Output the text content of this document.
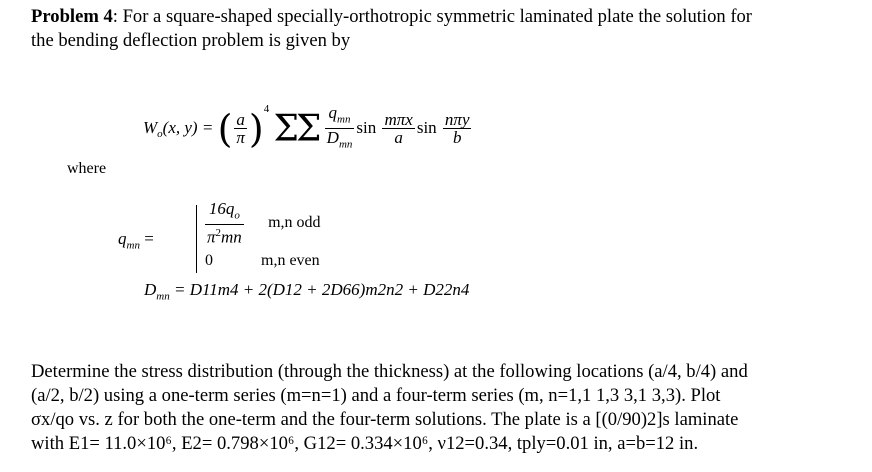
Problem 4: For a square-shaped specially-orthotropic symmetric laminated plate the solution for
the bending deflection problem is given by
$W_o(x$, y) = ( $\frac{a}{\pi} )^4$ ΣΣ $\frac{q_{mn}}{D_{mn}}$ $\sin \frac{\text{mπx}}{a}$ $\sin \frac{\text{nπy}}{b}$
where
$q_{mn}$ =	$\frac{16q_o}{\pi^2mn} m,n$ odd
0	m,n even
$D_{mn} = D11m4 + 2(D12 + 2D66)m2n2 + D22n4$
Determine the stress distribution (through the thickness) at the following locations (a/4, b/4) and
(a/2, b/2) using a one-term series (m=n=1) and a four-term series (m, n=1,1 1,3 3,1 3,3). Plot
σx/qo vs. z for both the one-term and the four-term solutions. The plate is a [(0/90)2]s laminate
with E1= 11.0×10⁶, E2= 0.798×10⁶, G12= 0.334×10⁶, ν12=0.34, tply=0.01 in, a=b=12 in.
